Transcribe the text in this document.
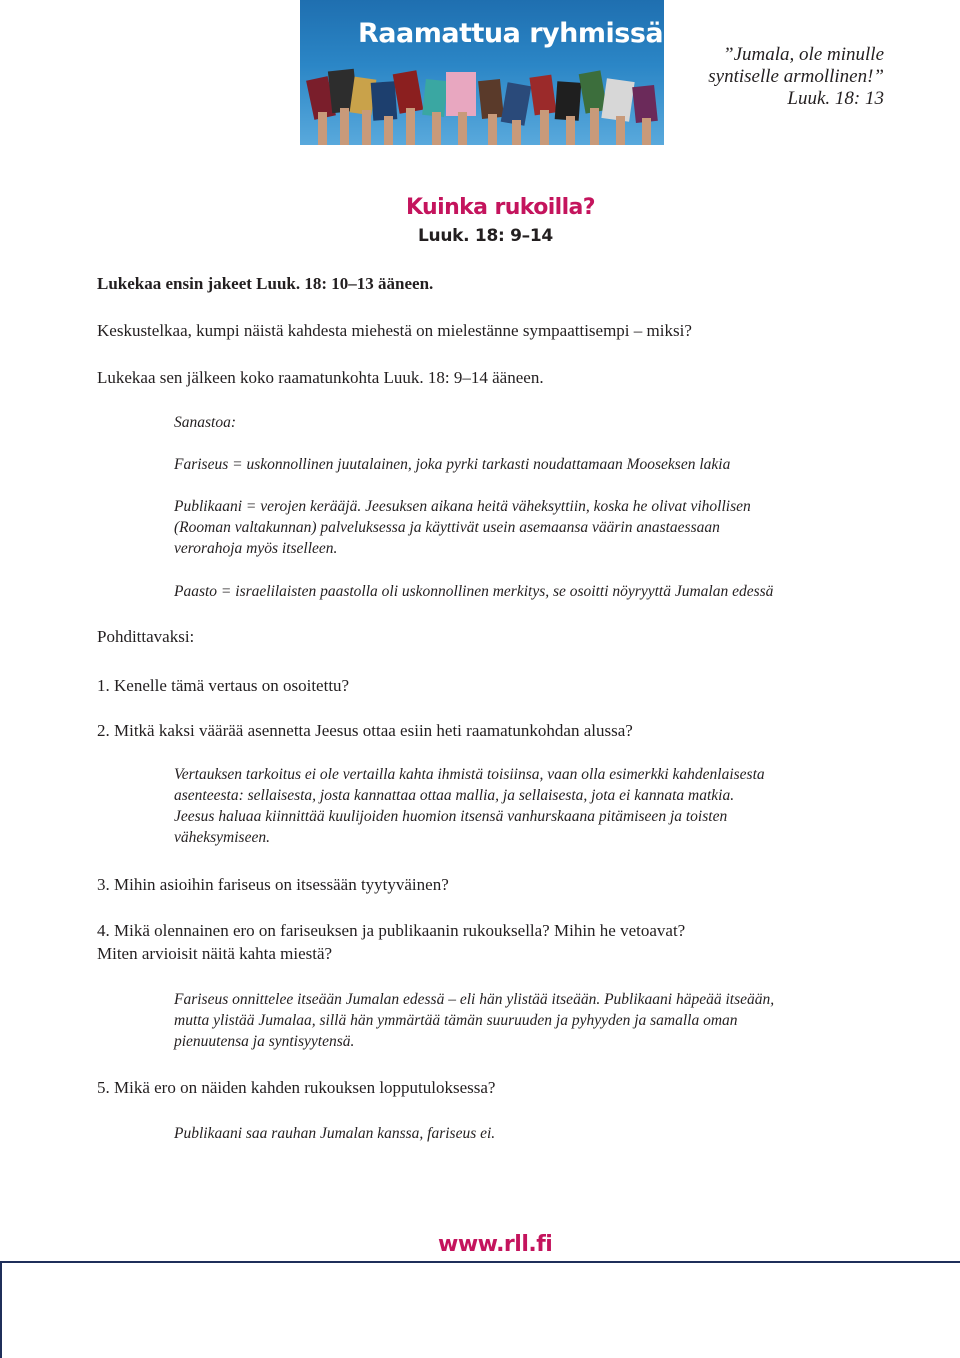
Raamattua ryhmissä
”Jumala, ole minulle
syntiselle armollinen!”
Luuk. 18: 13
Kuinka rukoilla?
Luuk. 18: 9–14
Lukekaa ensin jakeet Luuk. 18: 10–13 ääneen.
Keskustelkaa, kumpi näistä kahdesta miehestä on mielestänne sympaattisempi – miksi?
Lukekaa sen jälkeen koko raamatunkohta Luuk. 18: 9–14 ääneen.
Sanastoa:
Fariseus = uskonnollinen juutalainen, joka pyrki tarkasti noudattamaan Mooseksen lakia
Publikaani = verojen kerääjä. Jeesuksen aikana heitä väheksyttiin, koska he olivat vihollisen
(Rooman valtakunnan) palveluksessa ja käyttivät usein asemaansa väärin anastaessaan
verorahoja myös itselleen.
Paasto = israelilaisten paastolla oli uskonnollinen merkitys, se osoitti nöyryyttä Jumalan edessä
Pohdittavaksi:
1. Kenelle tämä vertaus on osoitettu?
2. Mitkä kaksi väärää asennetta Jeesus ottaa esiin heti raamatunkohdan alussa?
Vertauksen tarkoitus ei ole vertailla kahta ihmistä toisiinsa, vaan olla esimerkki kahdenlaisesta
asenteesta: sellaisesta, josta kannattaa ottaa mallia, ja sellaisesta, jota ei kannata matkia.
Jeesus haluaa kiinnittää kuulijoiden huomion itsensä vanhurskaana pitämiseen ja toisten
väheksymiseen.
3. Mihin asioihin fariseus on itsessään tyytyväinen?
4. Mikä olennainen ero on fariseuksen ja publikaanin rukouksella? Mihin he vetoavat?
Miten arvioisit näitä kahta miestä?
Fariseus onnittelee itseään Jumalan edessä – eli hän ylistää itseään. Publikaani häpeää itseään,
mutta ylistää Jumalaa, sillä hän ymmärtää tämän suuruuden ja pyhyyden ja samalla oman
pienuutensa ja syntisyytensä.
5. Mikä ero on näiden kahden rukouksen lopputuloksessa?
Publikaani saa rauhan Jumalan kanssa, fariseus ei.
www.rll.fi
